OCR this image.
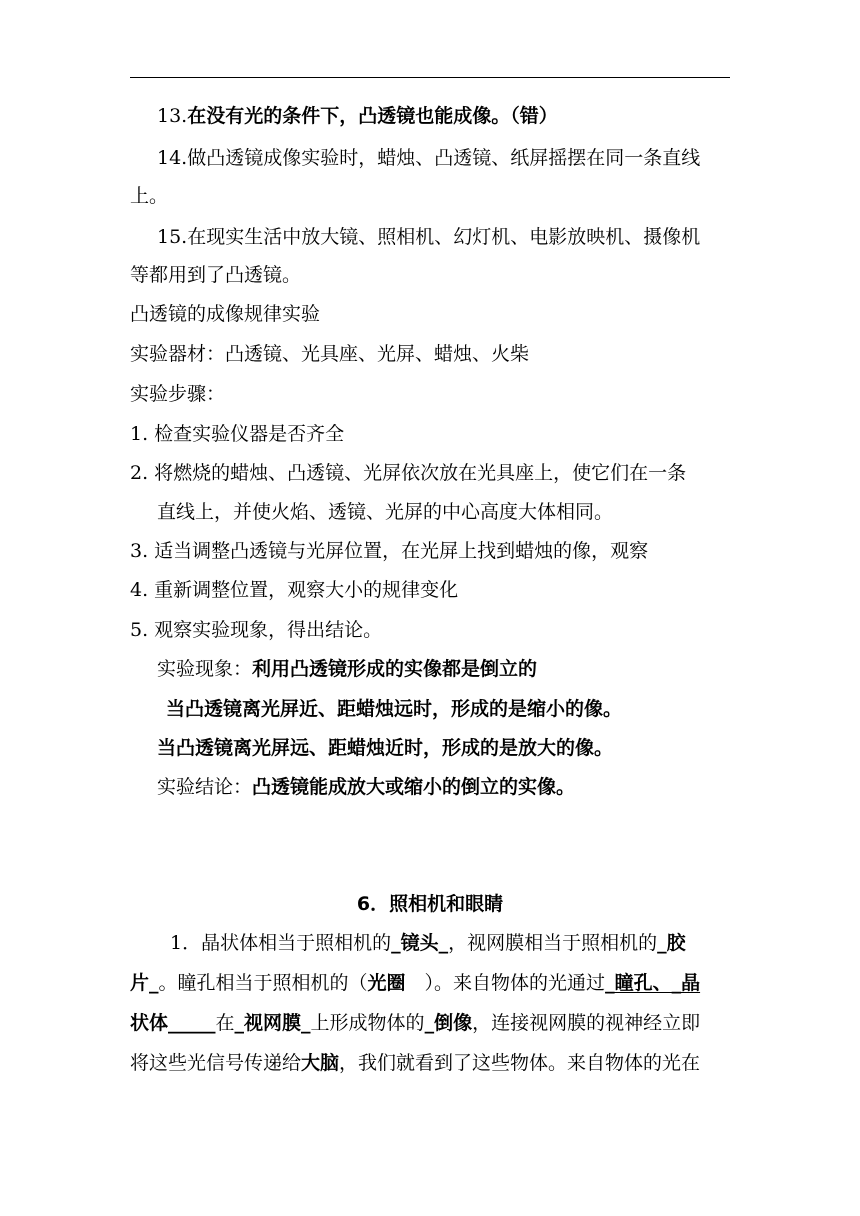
13.在没有光的条件下，凸透镜也能成像。（错）
14.做凸透镜成像实验时，蜡烛、凸透镜、纸屏摇摆在同一条直线
上。
15.在现实生活中放大镜、照相机、幻灯机、电影放映机、摄像机
等都用到了凸透镜。
凸透镜的成像规律实验
实验器材：凸透镜、光具座、光屏、蜡烛、火柴
实验步骤：
1. 检查实验仪器是否齐全
2. 将燃烧的蜡烛、凸透镜、光屏依次放在光具座上，使它们在一条
直线上，并使火焰、透镜、光屏的中心高度大体相同。
3. 适当调整凸透镜与光屏位置，在光屏上找到蜡烛的像，观察
4. 重新调整位置，观察大小的规律变化
5. 观察实验现象，得出结论。
实验现象：利用凸透镜形成的实像都是倒立的
当凸透镜离光屏近、距蜡烛远时，形成的是缩小的像。
当凸透镜离光屏远、距蜡烛近时，形成的是放大的像。
实验结论：凸透镜能成放大或缩小的倒立的实像。
6．照相机和眼睛
1．晶状体相当于照相机的_镜头_，视网膜相当于照相机的_胶
片_。瞳孔相当于照相机的（光圈　）。来自物体的光通过_瞳孔、_晶
状体_____在_视网膜_上形成物体的_倒像，连接视网膜的视神经立即
将这些光信号传递给大脑，我们就看到了这些物体。来自物体的光在
